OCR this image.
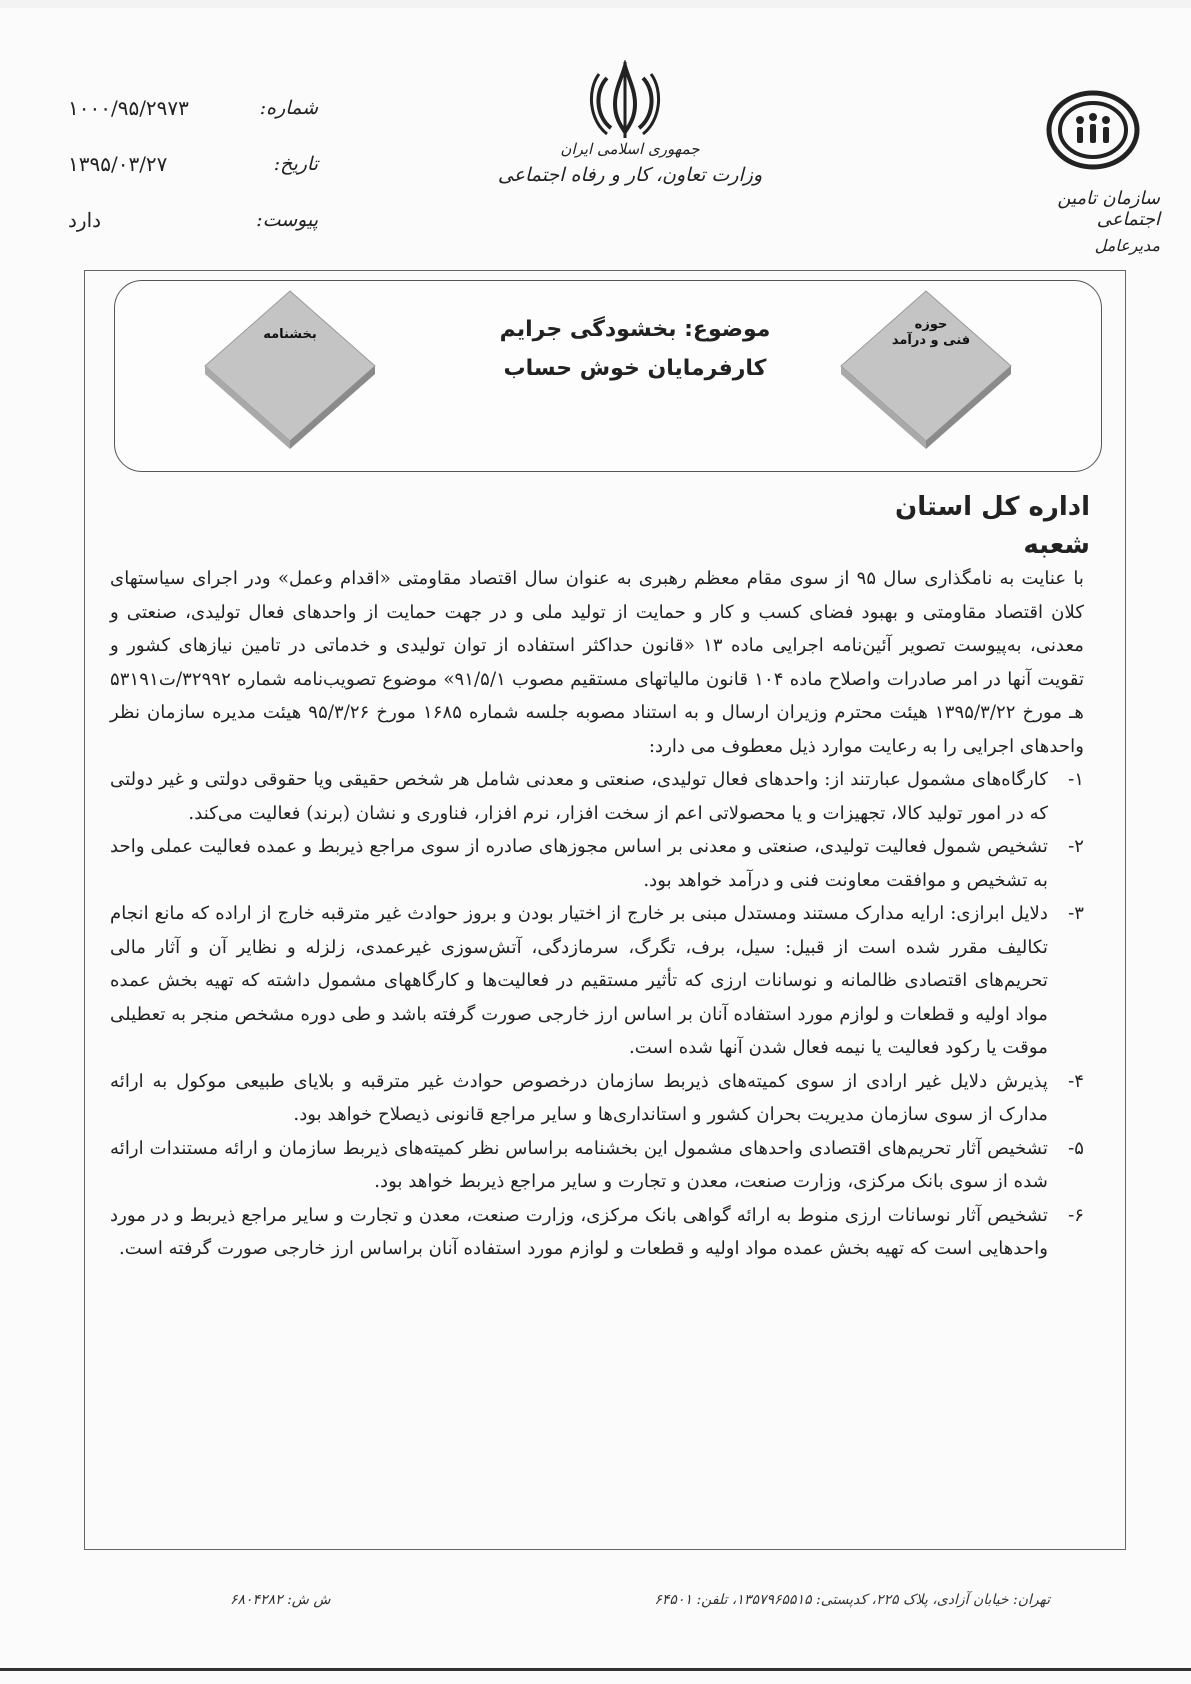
شماره:
۱۰۰۰/۹۵/۲۹۷۳
تاریخ:
۱۳۹۵/۰۳/۲۷
پیوست:
دارد
جمهوری اسلامی ایران
وزارت تعاون، کار و رفاه اجتماعی
سازمان تامین اجتماعی
مدیرعامل
بخشنامه
حوزه
فنی و درآمد
موضوع: بخشودگی جرایم
کارفرمایان خوش حساب
اداره کل استان
شعبه

با عنایت به نامگذاری سال ۹۵ از سوی مقام معظم رهبری به عنوان سال اقتصاد مقاومتی «اقدام وعمل» ودر اجرای سیاستهای کلان اقتصاد مقاومتی و بهبود فضای کسب و کار و حمایت از تولید ملی و در جهت حمایت از واحدهای فعال تولیدی، صنعتی و معدنی، به‌پیوست تصویر آئین‌نامه اجرایی ماده ۱۳ «قانون حداکثر استفاده از توان تولیدی و خدماتی در تامین نیازهای کشور و تقویت آنها در امر صادرات واصلاح ماده ۱۰۴ قانون مالیاتهای مستقیم مصوب ۹۱/۵/۱» موضوع تصویب‌نامه شماره ۳۲۹۹۲/ت۵۳۱۹۱ هـ مورخ ۱۳۹۵/۳/۲۲ هیئت محترم وزیران ارسال و به استناد مصوبه جلسه شماره ۱۶۸۵ مورخ ۹۵/۳/۲۶ هیئت مدیره سازمان نظر واحدهای اجرایی را به رعایت موارد ذیل معطوف می دارد:

۱-
کارگاه‌های مشمول عبارتند از: واحدهای فعال تولیدی، صنعتی و معدنی شامل هر شخص حقیقی ویا حقوقی دولتی و غیر دولتی که در امور تولید کالا، تجهیزات و یا محصولاتی اعم از سخت افزار، نرم افزار، فناوری و نشان (برند) فعالیت می‌کند.
۲-
تشخیص شمول فعالیت تولیدی، صنعتی و معدنی بر اساس مجوزهای صادره از سوی مراجع ذیربط و عمده فعالیت عملی واحد به تشخیص و موافقت معاونت فنی و درآمد خواهد بود.
۳-
دلایل ابرازی: ارایه مدارک مستند ومستدل مبنی بر خارج از اختیار بودن و بروز حوادث غیر مترقبه خارج از اراده که مانع انجام تکالیف مقرر شده است از قبیل: سیل، برف، تگرگ، سرمازدگی، آتش‌سوزی غیرعمدی، زلزله و نظایر آن و آثار مالی تحریم‌های اقتصادی ظالمانه و نوسانات ارزی که تأثیر مستقیم در فعالیت‌ها و کارگاههای مشمول داشته که تهیه بخش عمده مواد اولیه و قطعات و لوازم مورد استفاده آنان بر اساس ارز خارجی صورت گرفته باشد و طی دوره مشخص منجر به تعطیلی موقت یا رکود فعالیت یا نیمه فعال شدن آنها شده است.
۴-
پذیرش دلایل غیر ارادی از سوی کمیته‌های ذیربط سازمان درخصوص حوادث غیر مترقبه و بلایای طبیعی موکول به ارائه مدارک از سوی سازمان مدیریت بحران کشور و استانداری‌ها و سایر مراجع قانونی ذیصلاح خواهد بود.
۵-
تشخیص آثار تحریم‌های اقتصادی واحدهای مشمول این بخشنامه براساس نظر کمیته‌های ذیربط سازمان و ارائه مستندات ارائه شده از سوی بانک مرکزی، وزارت صنعت، معدن و تجارت و سایر مراجع ذیربط خواهد بود.
۶-
تشخیص آثار نوسانات ارزی منوط به ارائه گواهی بانک مرکزی، وزارت صنعت، معدن و تجارت و سایر مراجع ذیربط و در مورد واحدهایی است که تهیه بخش عمده مواد اولیه و قطعات و لوازم مورد استفاده آنان براساس ارز خارجی صورت گرفته است.
تهران: خیابان آزادی، پلاک ۲۲۵، کدپستی: ۱۳۵۷۹۶۵۵۱۵، تلفن: ۶۴۵۰۱
ش ش: ۶۸۰۴۲۸۲
